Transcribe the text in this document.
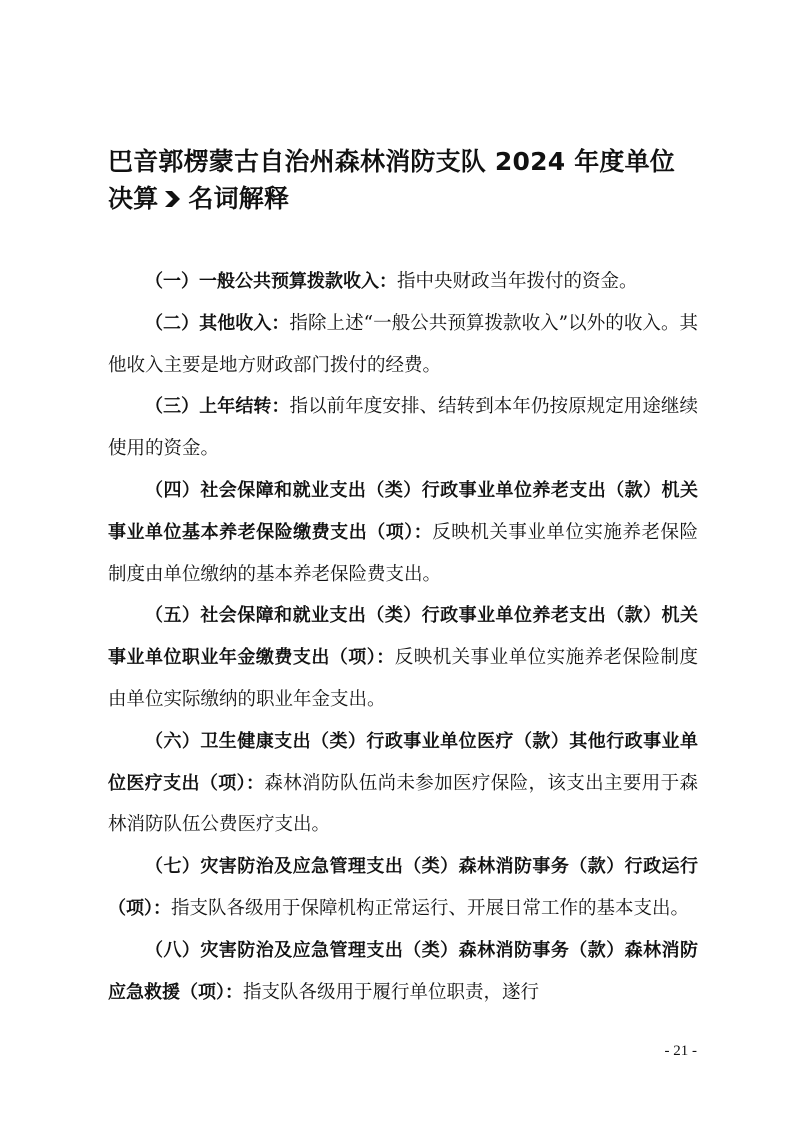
巴音郭楞蒙古自治州森林消防支队 2024 年度单位
决算 名词解释

（一）一般公共预算拨款收入：指中央财政当年拨付的资金。

（二）其他收入：指除上述“一般公共预算拨款收入”以外的收入。其他收入主要是地方财政部门拨付的经费。

（三）上年结转：指以前年度安排、结转到本年仍按原规定用途继续使用的资金。

（四）社会保障和就业支出（类）行政事业单位养老支出（款）机关事业单位基本养老保险缴费支出（项）：反映机关事业单位实施养老保险制度由单位缴纳的基本养老保险费支出。

（五）社会保障和就业支出（类）行政事业单位养老支出（款）机关事业单位职业年金缴费支出（项）：反映机关事业单位实施养老保险制度由单位实际缴纳的职业年金支出。

（六）卫生健康支出（类）行政事业单位医疗（款）其他行政事业单位医疗支出（项）：森林消防队伍尚未参加医疗保险，该支出主要用于森林消防队伍公费医疗支出。

（七）灾害防治及应急管理支出（类）森林消防事务（款）行政运行（项）：指支队各级用于保障机构正常运行、开展日常工作的基本支出。

（八）灾害防治及应急管理支出（类）森林消防事务（款）森林消防应急救援（项）：指支队各级用于履行单位职责，遂行

- 21 -
